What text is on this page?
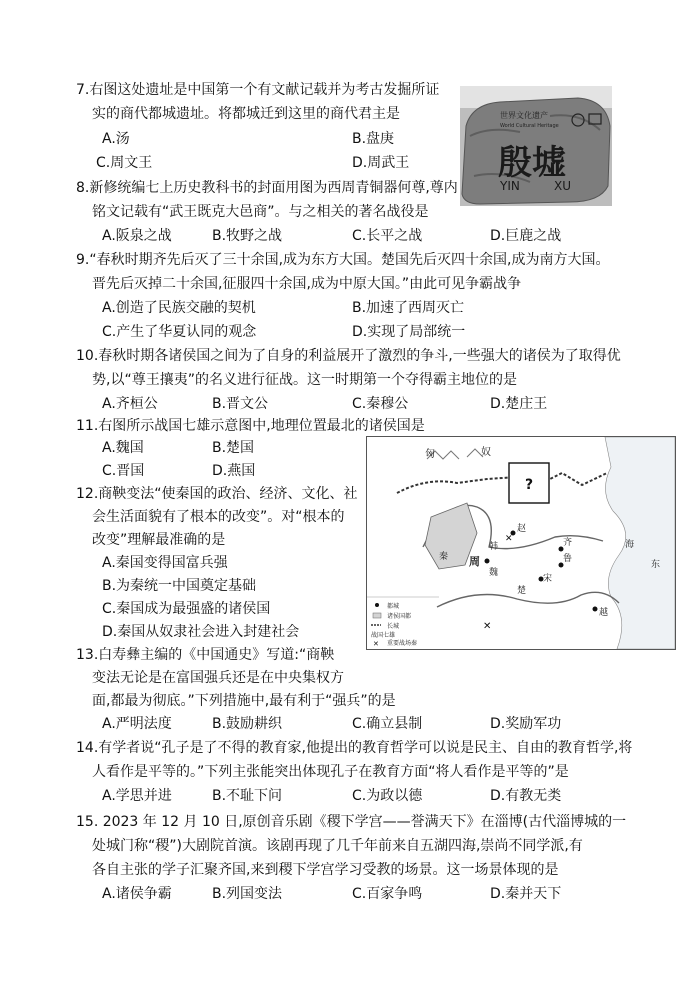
7.右图这处遗址是中国第一个有文献记载并为考古发掘所证
实的商代都城遗址。将都城迁到这里的商代君主是
A.汤	B.盘庚
C.周文王	D.周武王
世界文化遗产
World Cultural Heritage
殷墟
YIN	XU
8.新修统编七上历史教科书的封面用图为西周青铜器何尊,尊内
铭文记载有“武王既克大邑商”。与之相关的著名战役是
A.阪泉之战	B.牧野之战	C.长平之战	D.巨鹿之战
9.“春秋时期齐先后灭了三十余国,成为东方大国。楚国先后灭四十余国,成为南方大国。
晋先后灭掉二十余国,征服四十余国,成为中原大国。”由此可见争霸战争
A.创造了民族交融的契机	B.加速了西周灭亡
C.产生了华夏认同的观念	D.实现了局部统一
10.春秋时期各诸侯国之间为了自身的利益展开了激烈的争斗,一些强大的诸侯为了取得优
势,以“尊王攘夷”的名义进行征战。这一时期第一个夺得霸主地位的是
A.齐桓公	B.晋文公	C.秦穆公	D.楚庄王
11.右图所示战国七雄示意图中,地理位置最北的诸侯国是
A.魏国	B.楚国
C.晋国	D.燕国
?
匈	奴
赵
齐
秦 周
魏
韩
宋
鲁
楚
越
海
东
✕
✕
都城
诸侯国都
长城
战国七雄
✕ 重要战场 秦
12.商鞅变法“使秦国的政治、经济、文化、社
会生活面貌有了根本的改变”。对“根本的
改变”理解最准确的是
A.秦国变得国富兵强
B.为秦统一中国奠定基础
C.秦国成为最强盛的诸侯国
D.秦国从奴隶社会进入封建社会
13.白寿彝主编的《中国通史》写道:“商鞅
变法无论是在富国强兵还是在中央集权方
面,都最为彻底。”下列措施中,最有利于“强兵”的是
A.严明法度	B.鼓励耕织	C.确立县制	D.奖励军功
14.有学者说“孔子是了不得的教育家,他提出的教育哲学可以说是民主、自由的教育哲学,将
人看作是平等的。”下列主张能突出体现孔子在教育方面“将人看作是平等的”是
A.学思并进	B.不耻下问	C.为政以德	D.有教无类
15. 2023 年 12 月 10 日,原创音乐剧《稷下学宫——誉满天下》在淄博(古代淄博城的一
处城门称“稷”)大剧院首演。该剧再现了几千年前来自五湖四海,崇尚不同学派,有
各自主张的学子汇聚齐国,来到稷下学宫学习受教的场景。这一场景体现的是
A.诸侯争霸	B.列国变法	C.百家争鸣	D.秦并天下
